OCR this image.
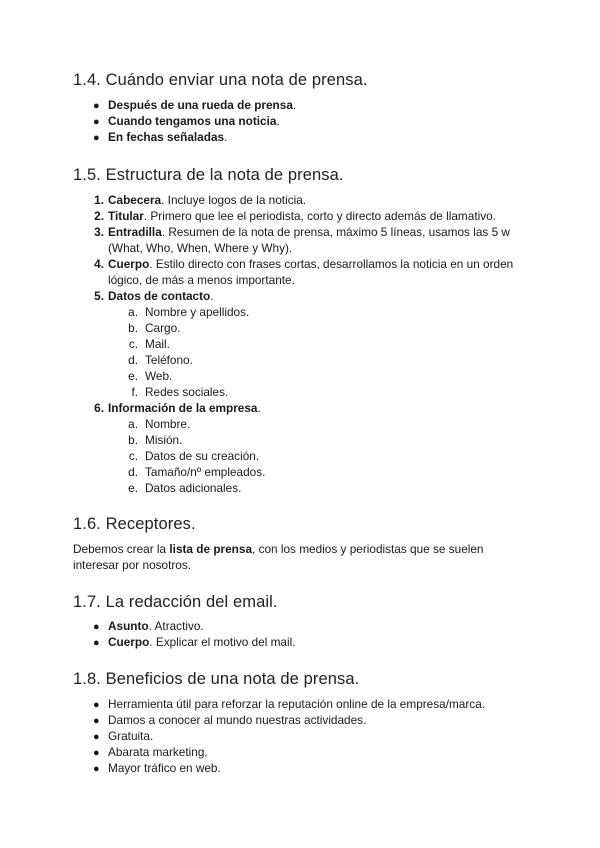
1.4. Cuándo enviar una nota de prensa.
● Después de una rueda de prensa.
● Cuando tengamos una noticia.
● En fechas señaladas.
1.5. Estructura de la nota de prensa.
1. Cabecera. Incluye logos de la noticia.
2. Titular. Primero que lee el periodista, corto y directo además de llamativo.
3. Entradilla. Resumen de la nota de prensa, máximo 5 líneas, usamos las 5 w
(What, Who, When, Where y Why).
4. Cuerpo. Estilo directo con frases cortas, desarrollamos la noticia en un orden
lógico, de más a menos importante.
5. Datos de contacto.
a. Nombre y apellidos.
b. Cargo.
c. Mail.
d. Teléfono.
e. Web.
f. Redes sociales.
6. Información de la empresa.
a. Nombre.
b. Misión.
c. Datos de su creación.
d. Tamaño/nº empleados.
e. Datos adicionales.
1.6. Receptores.
Debemos crear la lista de prensa, con los medios y periodistas que se suelen
interesar por nosotros.
1.7. La redacción del email.
● Asunto. Atractivo.
● Cuerpo. Explicar el motivo del mail.
1.8. Beneficios de una nota de prensa.
● Herramienta útil para reforzar la reputación online de la empresa/marca.
● Damos a conocer al mundo nuestras actividades.
● Gratuita.
● Abarata marketing.
● Mayor tráfico en web.
